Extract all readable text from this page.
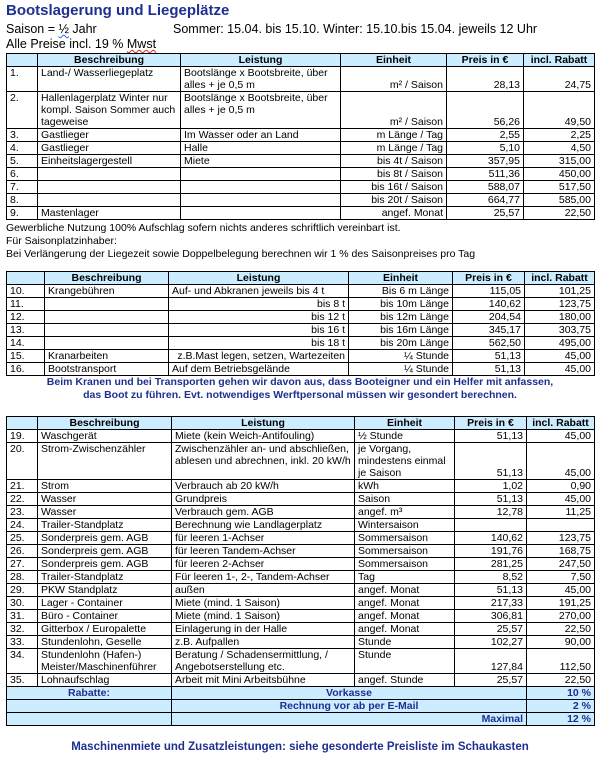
Bootslagerung und Liegeplätze
Saison = ½ Jahr	Sommer: 15.04. bis 15.10. Winter: 15.10.bis 15.04. jeweils 12 Uhr
Alle Preise incl. 19 % Mwst
	Beschreibung	Leistung	Einheit	Preis in €	incl. Rabatt
1.	Land-/ Wasserliegeplatz	Bootslänge x Bootsbreite, über alles + je 0,5 m	m² / Saison	28,13	24,75
2.	Hallenlagerplatz Winter nur kompl. Saison Sommer auch tageweise	Bootslänge x Bootsbreite, über alles + je 0,5 m	m² / Saison	56,26	49,50
3.	Gastlieger	Im Wasser oder an Land	m Länge / Tag	2,55	2,25
4.	Gastlieger	Halle	m Länge / Tag	5,10	4,50
5.	Einheitslagergestell	Miete	bis 4t / Saison	357,95	315,00
6.			bis 8t / Saison	511,36	450,00
7.			bis 16t / Saison	588,07	517,50
8.			bis 20t / Saison	664,77	585,00
9.	Mastenlager		angef. Monat	25,57	22,50
Gewerbliche Nutzung 100% Aufschlag sofern nichts anderes schriftlich vereinbart ist.
Für Saisonplatzinhaber:
Bei Verlängerung der Liegezeit sowie Doppelbelegung berechnen wir 1 % des Saisonpreises pro Tag
	Beschreibung	Leistung	Einheit	Preis in €	incl. Rabatt
10.	Krangebühren	Auf- und Abkranen jeweils bis 4 t	Bis 6 m Länge	115,05	101,25
11.		bis 8 t	bis 10m Länge	140,62	123,75
12.		bis 12 t	bis 12m Länge	204,54	180,00
13.		bis 16 t	bis 16m Länge	345,17	303,75
14.		bis 18 t	bis 20m Länge	562,50	495,00
15.	Kranarbeiten	z.B.Mast legen, setzen, Wartezeiten	¼ Stunde	51,13	45,00
16.	Bootstransport	Auf dem Betriebsgelände	¼ Stunde	51,13	45,00
Beim Kranen und bei Transporten gehen wir davon aus, dass Booteigner und ein Helfer mit anfassen,
das Boot zu führen. Evt. notwendiges Werftpersonal müssen wir gesondert berechnen.
	Beschreibung	Leistung	Einheit	Preis in €	incl. Rabatt
19.	Waschgerät	Miete (kein Weich-Antifouling)	½ Stunde	51,13	45,00
20.	Strom-Zwischenzähler	Zwischenzähler an- und abschließen, ablesen und abrechnen, inkl. 20 kW/h	je Vorgang, mindestens einmal je Saison	51,13	45,00
21.	Strom	Verbrauch ab 20 kW/h	kWh	1,02	0,90
22.	Wasser	Grundpreis	Saison	51,13	45,00
23.	Wasser	Verbrauch gem. AGB	angef. m³	12,78	11,25
24.	Trailer-Standplatz	Berechnung wie Landlagerplatz	Wintersaison		
25.	Sonderpreis gem. AGB	für leeren 1-Achser	Sommersaison	140,62	123,75
26.	Sonderpreis gem. AGB	für leeren Tandem-Achser	Sommersaison	191,76	168,75
27.	Sonderpreis gem. AGB	für leeren 2-Achser	Sommersaison	281,25	247,50
28.	Trailer-Standplatz	Für leeren 1-, 2-, Tandem-Achser	Tag	8,52	7,50
29.	PKW Standplatz	außen	angef. Monat	51,13	45,00
30.	Lager - Container	Miete (mind. 1 Saison)	angef. Monat	217,33	191,25
31.	Büro - Container	Miete (mind. 1 Saison)	angef. Monat	306,81	270,00
32.	Gitterbox / Europalette	Einlagerung in der Halle	angef. Monat	25,57	22,50
33.	Stundenlohn, Geselle	z.B. Aufpallen	Stunde	102,27	90,00
34.	Stundenlohn (Hafen-) Meister/Maschinenführer	Beratung / Schadensermittlung, / Angebotserstellung etc.	Stunde	127,84	112,50
35.	Lohnaufschlag	Arbeit mit Mini Arbeitsbühne	angef. Stunde	25,57	22,50
Rabatte:		Vorkasse			10 %
		Rechnung vor ab per E-Mail			2 %
		Maximal			12 %
Maschinenmiete und Zusatzleistungen: siehe gesonderte Preisliste im Schaukasten
